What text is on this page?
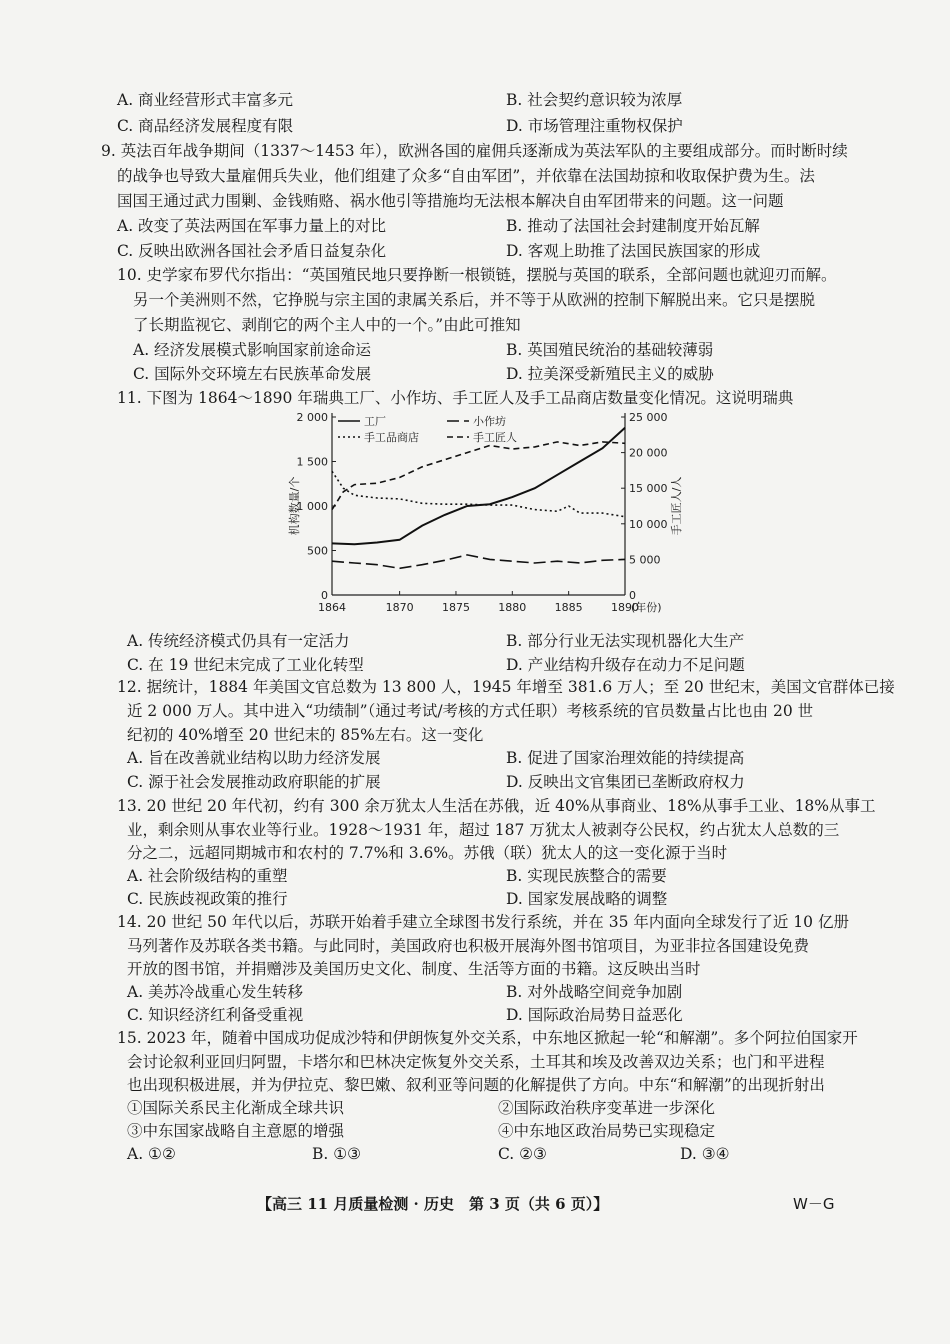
A. 商业经营形式丰富多元	B. 社会契约意识较为浓厚
C. 商品经济发展程度有限	D. 市场管理注重物权保护
9. 英法百年战争期间（1337～1453 年），欧洲各国的雇佣兵逐渐成为英法军队的主要组成部分。而时断时续
的战争也导致大量雇佣兵失业，他们组建了众多“自由军团”，并依靠在法国劫掠和收取保护费为生。法
国国王通过武力围剿、金钱贿赂、祸水他引等措施均无法根本解决自由军团带来的问题。这一问题
A. 改变了英法两国在军事力量上的对比	B. 推动了法国社会封建制度开始瓦解
C. 反映出欧洲各国社会矛盾日益复杂化	D. 客观上助推了法国民族国家的形成
10. 史学家布罗代尔指出：“英国殖民地只要挣断一根锁链，摆脱与英国的联系，全部问题也就迎刃而解。
另一个美洲则不然，它挣脱与宗主国的隶属关系后，并不等于从欧洲的控制下解脱出来。它只是摆脱
了长期监视它、剥削它的两个主人中的一个。”由此可推知
A. 经济发展模式影响国家前途命运	B. 英国殖民统治的基础较薄弱
C. 国际外交环境左右民族革命发展	D. 拉美深受新殖民主义的威胁
11. 下图为 1864～1890 年瑞典工厂、小作坊、手工匠人及手工品商店数量变化情况。这说明瑞典
0
500
1 000
1 500
2 000
0
5 000
10 000
15 000
20 000
25 000
1864	1870	1875	1880	1885	1890
(年份)
机构数量/个	手工匠人/人
工厂	小作坊
手工品商店	手工匠人
A. 传统经济模式仍具有一定活力	B. 部分行业无法实现机器化大生产
C. 在 19 世纪末完成了工业化转型	D. 产业结构升级存在动力不足问题
12. 据统计，1884 年美国文官总数为 13 800 人，1945 年增至 381.6 万人；至 20 世纪末，美国文官群体已接
近 2 000 万人。其中进入“功绩制”（通过考试/考核的方式任职）考核系统的官员数量占比也由 20 世
纪初的 40%增至 20 世纪末的 85%左右。这一变化
A. 旨在改善就业结构以助力经济发展	B. 促进了国家治理效能的持续提高
C. 源于社会发展推动政府职能的扩展	D. 反映出文官集团已垄断政府权力
13. 20 世纪 20 年代初，约有 300 余万犹太人生活在苏俄，近 40%从事商业、18%从事手工业、18%从事工
业，剩余则从事农业等行业。1928～1931 年，超过 187 万犹太人被剥夺公民权，约占犹太人总数的三
分之二，远超同期城市和农村的 7.7%和 3.6%。苏俄（联）犹太人的这一变化源于当时
A. 社会阶级结构的重塑	B. 实现民族整合的需要
C. 民族歧视政策的推行	D. 国家发展战略的调整
14. 20 世纪 50 年代以后，苏联开始着手建立全球图书发行系统，并在 35 年内面向全球发行了近 10 亿册
马列著作及苏联各类书籍。与此同时，美国政府也积极开展海外图书馆项目，为亚非拉各国建设免费
开放的图书馆，并捐赠涉及美国历史文化、制度、生活等方面的书籍。这反映出当时
A. 美苏冷战重心发生转移	B. 对外战略空间竞争加剧
C. 知识经济红利备受重视	D. 国际政治局势日益恶化
15. 2023 年，随着中国成功促成沙特和伊朗恢复外交关系，中东地区掀起一轮“和解潮”。多个阿拉伯国家开
会讨论叙利亚回归阿盟，卡塔尔和巴林决定恢复外交关系，土耳其和埃及改善双边关系；也门和平进程
也出现积极进展，并为伊拉克、黎巴嫩、叙利亚等问题的化解提供了方向。中东“和解潮”的出现折射出
①国际关系民主化渐成全球共识	②国际政治秩序变革进一步深化
③中东国家战略自主意愿的增强	④中东地区政治局势已实现稳定
A. ①②	B. ①③	C. ②③	D. ③④
【高三 11 月质量检测 · 历史　第 3 页（共 6 页）】	W－G
